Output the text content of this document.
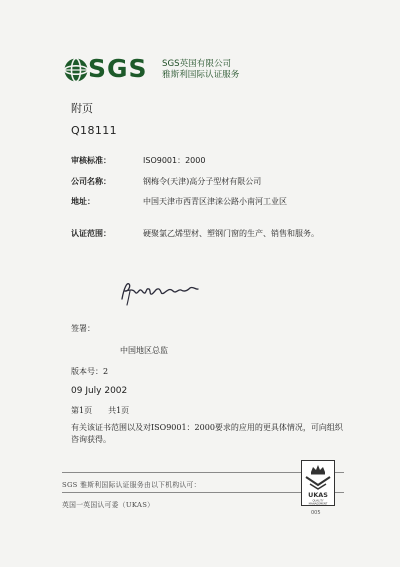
SGS SGS英国有限公司
雅斯利国际认证服务
附页
Q18111
审核标准：	ISO9001：2000
公司名称：	钢梅令(天津)高分子型材有限公司
地址：	中国天津市西青区津涞公路小南河工业区
认证范围：	硬聚氯乙烯型材、塑钢门窗的生产、销售和服务。
签署：
中国地区总监
版本号：2
09 July 2002
第1页　　共1页
有关该证书范围以及对ISO9001：2000要求的应用的更具体情况，可向组织
咨询获得。
SGS 雅斯利国际认证服务由以下机构认可：
英国一英国认可委（UKAS）
UKAS
QUALITY
MANAGEMENT
005
